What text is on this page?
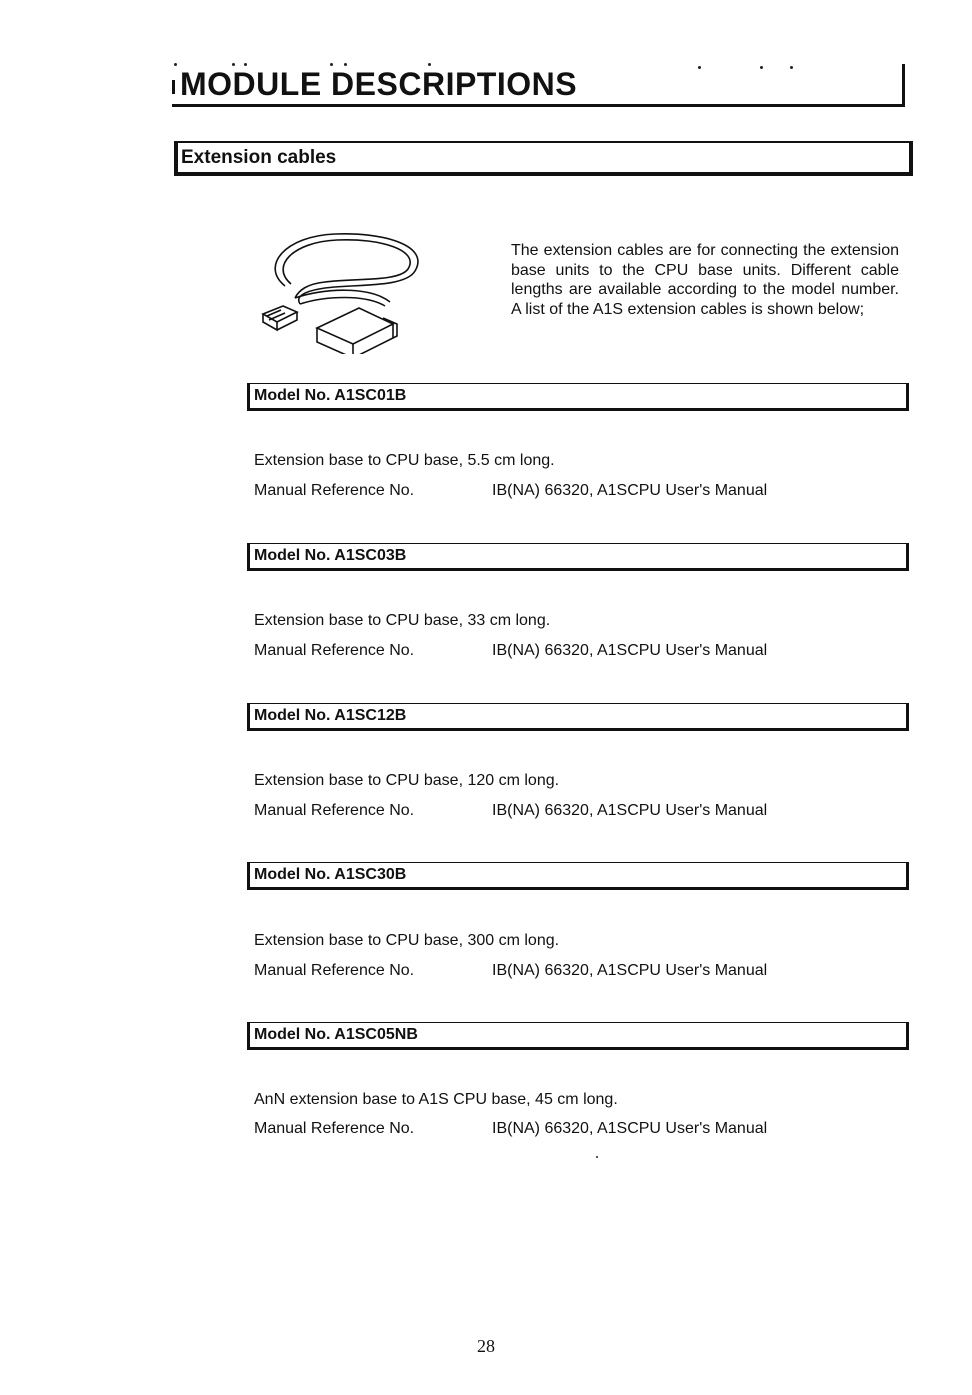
MODULE DESCRIPTIONS
Extension cables
The extension cables are for connecting the extension base units to the CPU base units. Different cable lengths are available according to the model number. A list of the A1S extension cables is shown below;
Model No. A1SC01B
Extension base to CPU base, 5.5 cm long.
Manual Reference No.	IB(NA) 66320, A1SCPU User's Manual
Model No. A1SC03B
Extension base to CPU base, 33 cm long.
Manual Reference No.	IB(NA) 66320, A1SCPU User's Manual
Model No. A1SC12B
Extension base to CPU base, 120 cm long.
Manual Reference No.	IB(NA) 66320, A1SCPU User's Manual
Model No. A1SC30B
Extension base to CPU base, 300 cm long.
Manual Reference No.	IB(NA) 66320, A1SCPU User's Manual
Model No. A1SC05NB
AnN extension base to A1S CPU base, 45 cm long.
Manual Reference No.	IB(NA) 66320, A1SCPU User's Manual
28
